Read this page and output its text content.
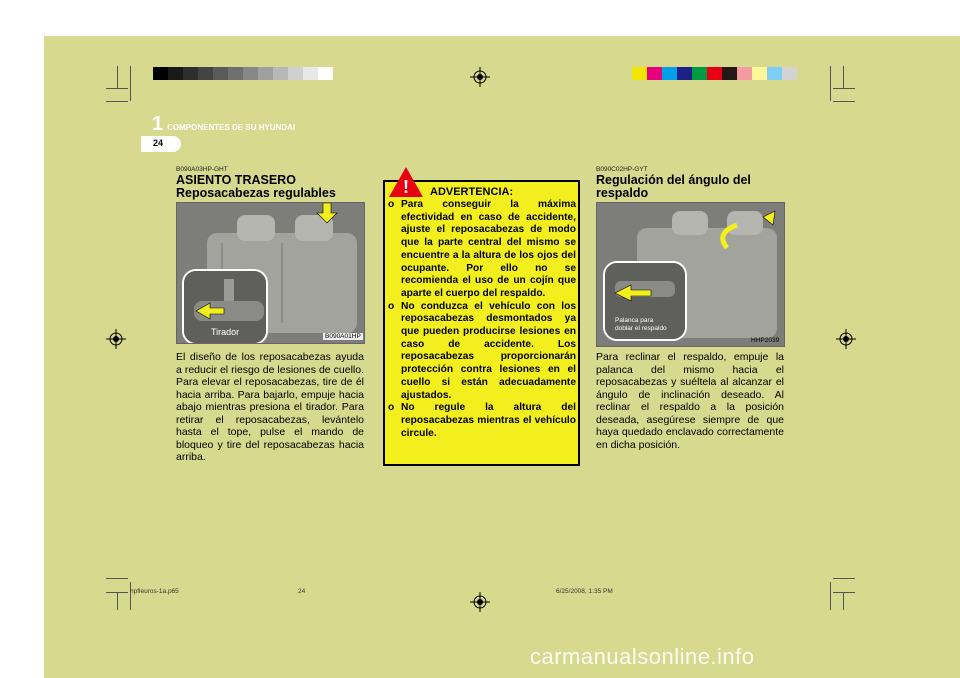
1 COMPONENTES DE SU HYUNDAI
24
B090A03HP-GHT
ASIENTO TRASERO
Reposacabezas regulables
Tirador	B090A01HP
El diseño de los reposacabezas ayuda a reducir el riesgo de lesiones de cuello. Para elevar el reposacabezas, tire de él hacia arriba. Para bajarlo, empuje hacia abajo mientras presiona el tirador. Para retirar el reposacabezas, levántelo hasta el tope, pulse el mando de bloqueo y tire del reposacabezas hacia arriba.
! ADVERTENCIA:
o Para conseguir la máxima efectividad en caso de accidente, ajuste el reposacabezas de modo que la parte central del mismo se encuentre a la altura de los ojos del ocupante. Por ello no se recomienda el uso de un cojín que aparte el cuerpo del respaldo.
o No conduzca el vehículo con los reposacabezas desmontados ya que pueden producirse lesiones en caso de accidente. Los reposacabezas proporcionarán protección contra lesiones en el cuello si están adecuadamente ajustados.
o No regule la altura del reposacabezas mientras el vehículo circule.
B090C02HP-GYT
Regulación del ángulo del
respaldo
Palanca para
doblar el respaldo
HHP2039
Para reclinar el respaldo, empuje la palanca del mismo hacia el reposacabezas y suéltela al alcanzar el ángulo de inclinación deseado. Al reclinar el respaldo a la posición deseada, asegúrese siempre de que haya quedado enclavado correctamente en dicha posición.
hpfleuros-1a.p65	24	6/25/2008, 1:35 PM
carmanualsonline.info
